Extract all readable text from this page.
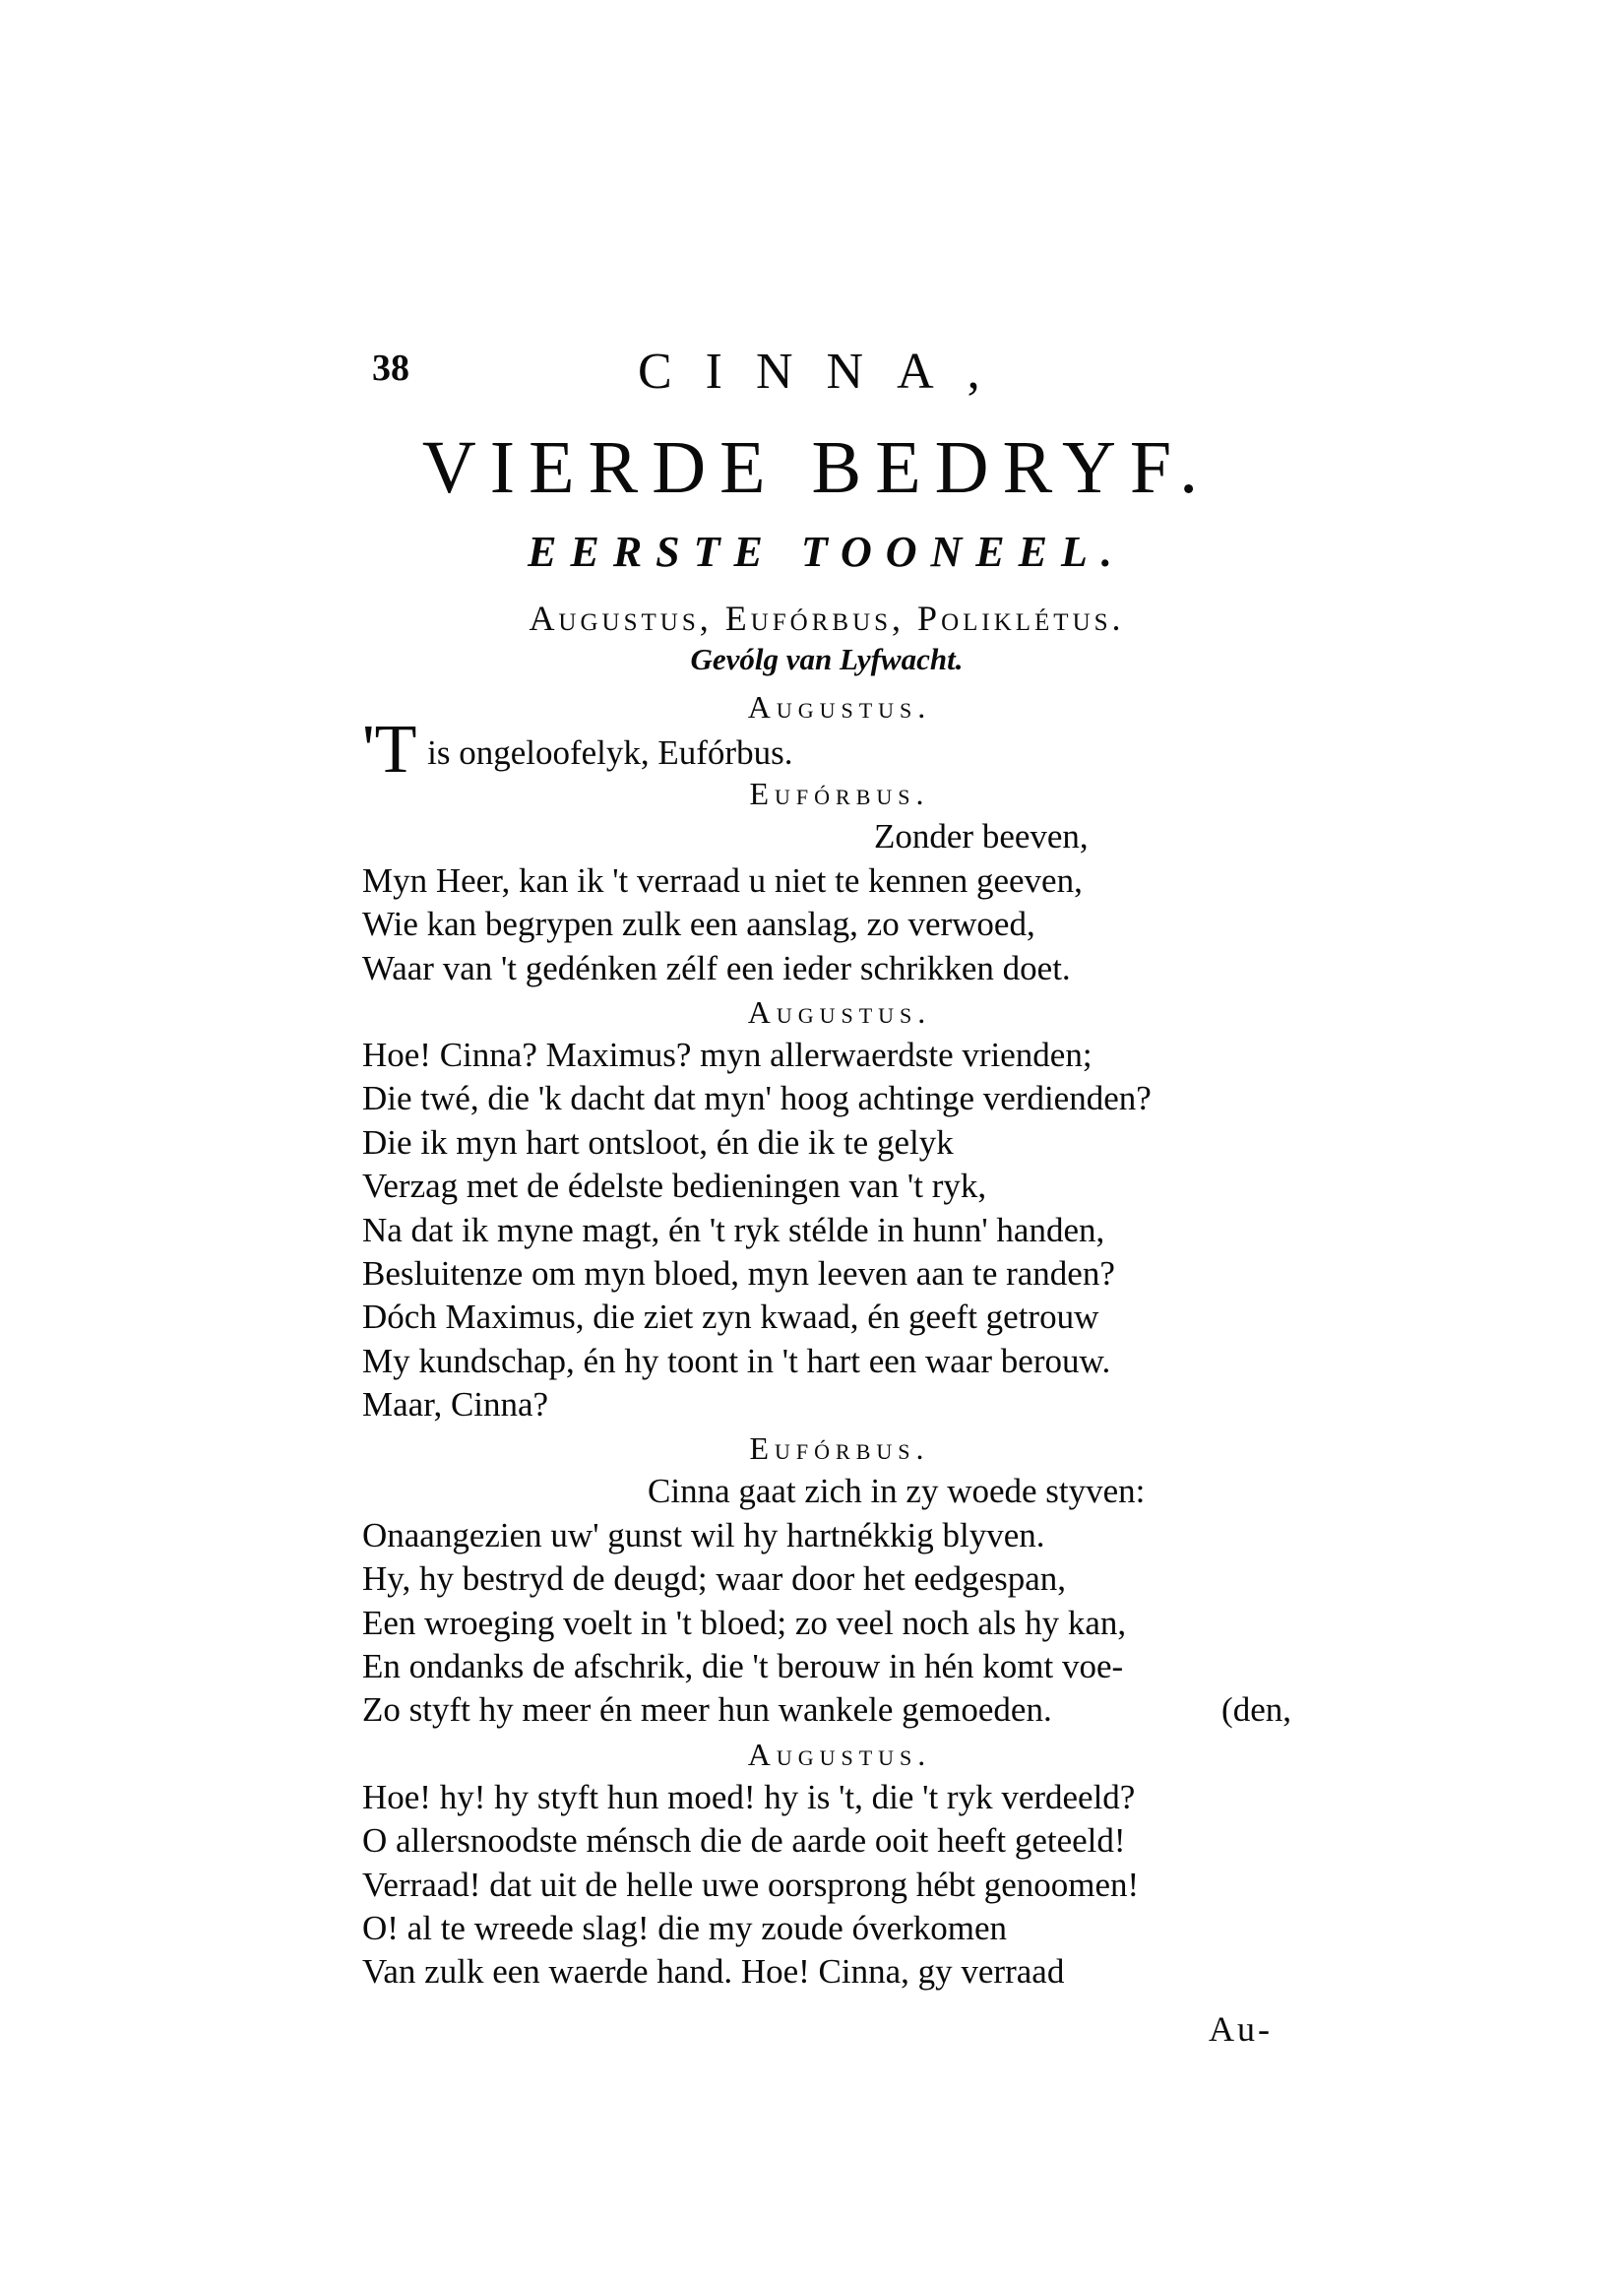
38	CINNA,
VIERDE BEDRYF.
EERSTE TOONEEL.
Augustus, Eufórbus, Poliklétus.
Gevólg van Lyfwacht.
Augustus.
'T is ongeloofelyk, Eufórbus.
Eufórbus.
Zonder beeven,
Myn Heer, kan ik 't verraad u niet te kennen geeven,
Wie kan begrypen zulk een aanslag, zo verwoed,
Waar van 't gedénken zélf een ieder schrikken doet.
Augustus.
Hoe! Cinna? Maximus? myn allerwaerdste vrienden;
Die twé, die 'k dacht dat myn' hoog achtinge verdienden?
Die ik myn hart ontsloot, én die ik te gelyk
Verzag met de édelste bedieningen van 't ryk,
Na dat ik myne magt, én 't ryk stélde in hunn' handen,
Besluitenze om myn bloed, myn leeven aan te randen?
Dóch Maximus, die ziet zyn kwaad, én geeft getrouw
My kundschap, én hy toont in 't hart een waar berouw.
Maar, Cinna?
Eufórbus.
Cinna gaat zich in zy woede styven:
Onaangezien uw' gunst wil hy hartnékkig blyven.
Hy, hy bestryd de deugd; waar door het eedgespan,
Een wroeging voelt in 't bloed; zo veel noch als hy kan,
En ondanks de afschrik, die 't berouw in hén komt voe-
Zo styft hy meer én meer hun wankele gemoeden.	(den,
Augustus.
Hoe! hy! hy styft hun moed! hy is 't, die 't ryk verdeeld?
O allersnoodste ménsch die de aarde ooit heeft geteeld!
Verraad! dat uit de helle uwe oorsprong hébt genoomen!
O! al te wreede slag! die my zoude óverkomen
Van zulk een waerde hand. Hoe! Cinna, gy verraad
Au-
